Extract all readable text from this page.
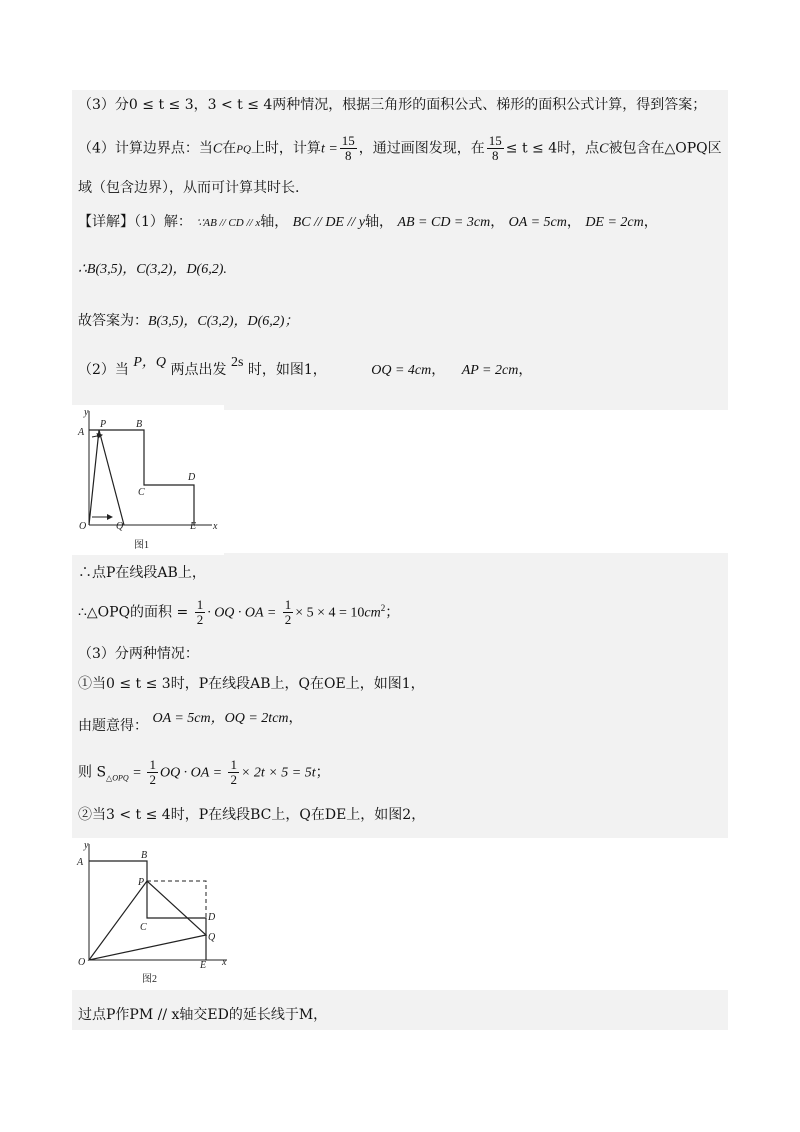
（3）分0 ≤ t ≤ 3，3 < t ≤ 4两种情况，根据三角形的面积公式、梯形的面积公式计算，得到答案；
（4）计算边界点：当C在PQ上时，计算$t = \frac{15}{8}$ ，通过画图发现，在 $\frac{15}{8} \le t \le 4$时，点C被包含在△OPQ区
域（包含边界），从而可计算其时长.
【详解】（1）解： ∵AB // CD // x轴， BC // DE // y轴， AB = CD = 3cm， OA = 5cm， DE = 2cm，
∴B(3,5)，C(3,2)，D(6,2).
故答案为：B(3,5)，C(3,2)，D(6,2)；
（2）当 P，Q 两点出发 2s 时，如图1，	OQ = 4cm， AP = 2cm，
y
x
A
P	B
C
D
O	Q	E
图1
∴点P在线段AB上，
∴△OPQ的面积 = $\frac{1}{2}$ · OQ · OA = $\frac{1}{2} \times 5 \times 4 = 10cm^2$；
（3）分两种情况：
①当0 ≤ t ≤ 3时，P在线段AB上，Q在OE上，如图1，
由题意得： OA = 5cm，OQ = 2tcm，
则 $S_{\triangle OPQ} = \frac{1}{2}$ OQ · OA = $\frac{1}{2} \times 2t \times 5 = 5t$；
②当3 < t ≤ 4时，P在线段BC上，Q在DE上，如图2，
y
x
A
B
P
C
D
Q
O	E
图2
过点P作PM // x轴交ED的延长线于M，
